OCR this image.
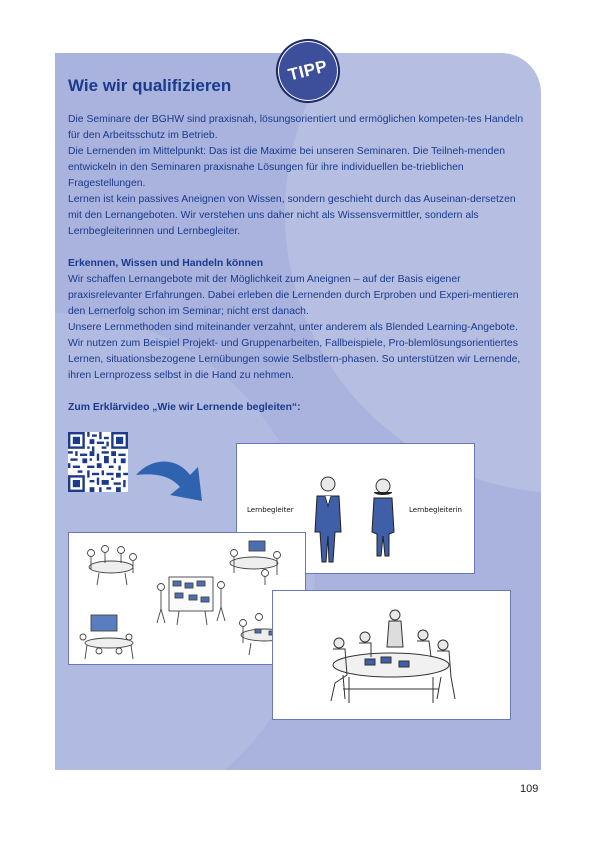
TIPP
Wie wir qualifizieren

Die Seminare der BGHW sind praxisnah, lösungsorientiert und ermöglichen kompeten-tes Handeln für den Arbeitsschutz im Betrieb.

Die Lernenden im Mittelpunkt: Das ist die Maxime bei unseren Seminaren. Die Teilneh-menden entwickeln in den Seminaren praxisnahe Lösungen für ihre individuellen be-trieblichen Fragestellungen.

Lernen ist kein passives Aneignen von Wissen, sondern geschieht durch das Auseinan-dersetzen mit den Lernangeboten. Wir verstehen uns daher nicht als Wissensvermittler, sondern als Lernbegleiterinnen und Lernbegleiter.

Erkennen, Wissen und Handeln können

Wir schaffen Lernangebote mit der Möglichkeit zum Aneignen – auf der Basis eigener praxisrelevanter Erfahrungen. Dabei erleben die Lernenden durch Erproben und Experi-mentieren den Lernerfolg schon im Seminar; nicht erst danach.

Unsere Lernmethoden sind miteinander verzahnt, unter anderem als Blended Learning-Angebote. Wir nutzen zum Beispiel Projekt- und Gruppenarbeiten, Fallbeispiele, Pro-blemlösungsorientiertes Lernen, situationsbezogene Lernübungen sowie Selbstlern-phasen. So unterstützen wir Lernende, ihren Lernprozess selbst in die Hand zu nehmen.

Zum Erklärvideo „Wie wir Lernende begleiten“:

Lernbegleiter	Lernbegleiterin
109
